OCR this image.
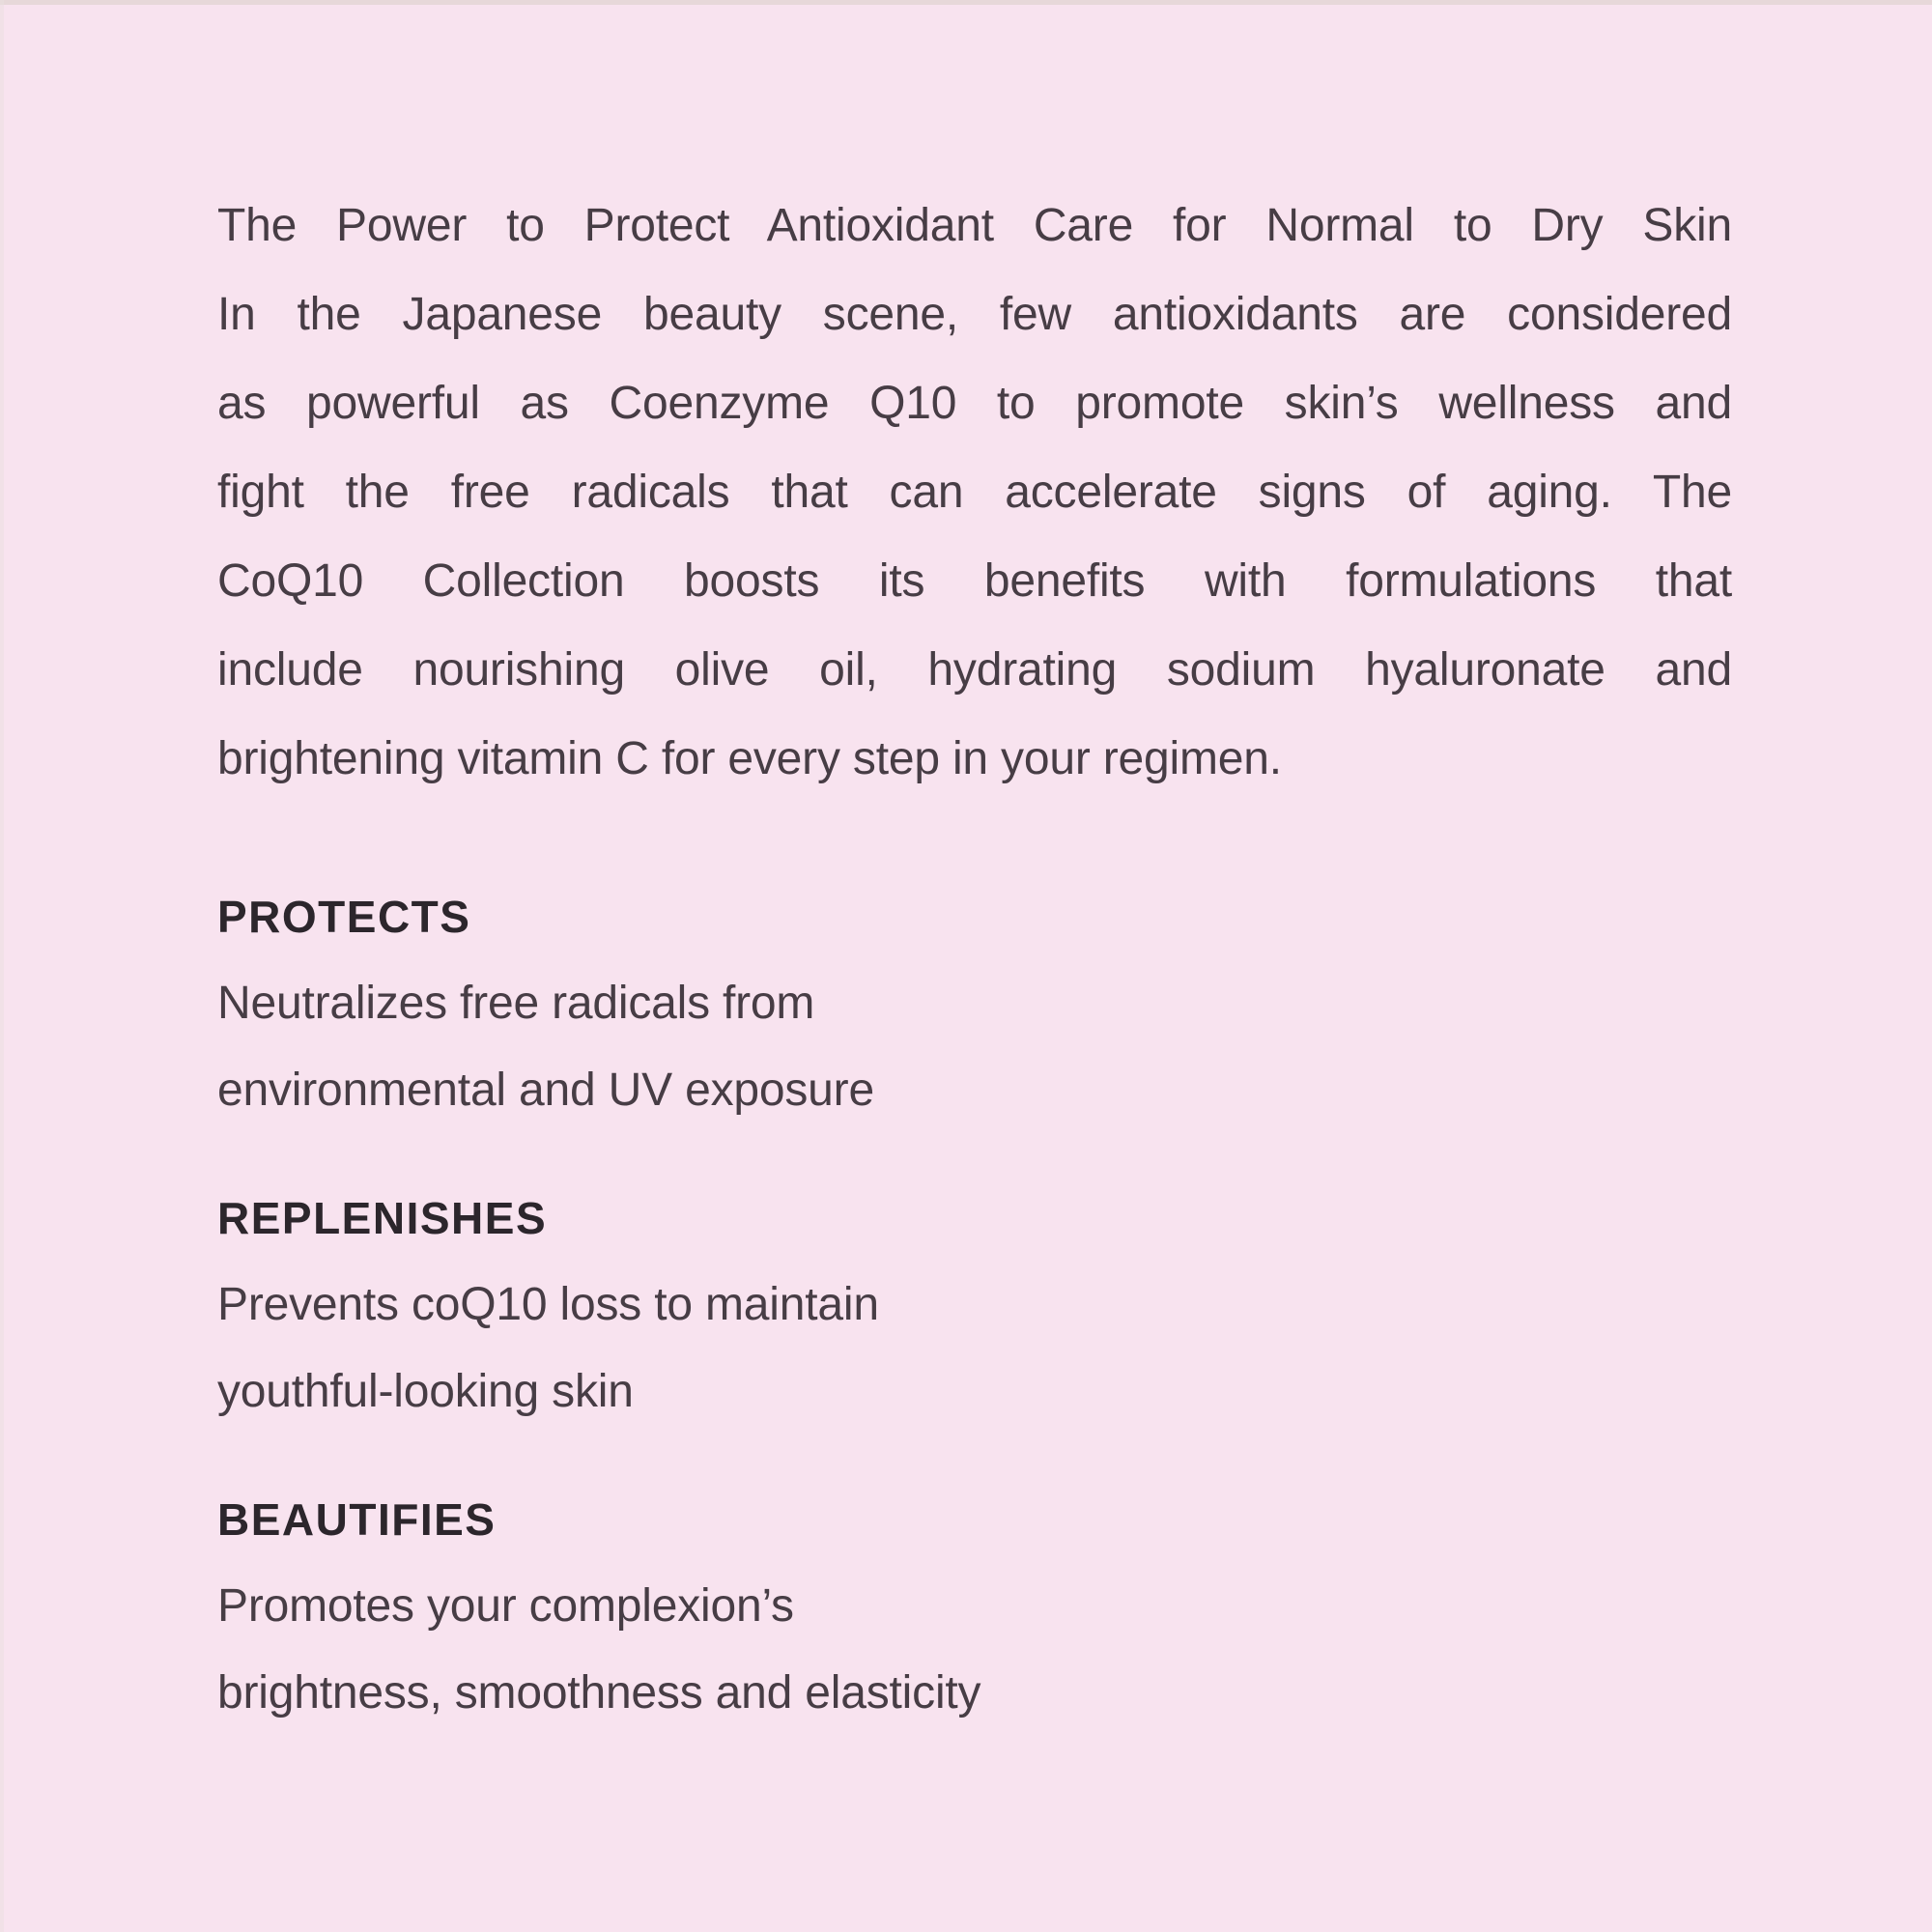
The Power to Protect Antioxidant Care for Normal to Dry Skin
In the Japanese beauty scene, few antioxidants are considered
as powerful as Coenzyme Q10 to promote skin’s wellness and
fight the free radicals that can accelerate signs of aging. The
CoQ10 Collection boosts its benefits with formulations that
include nourishing olive oil, hydrating sodium hyaluronate and
brightening vitamin C for every step in your regimen.
PROTECTS
Neutralizes free radicals from
environmental and UV exposure
REPLENISHES
Prevents coQ10 loss to maintain
youthful-looking skin
BEAUTIFIES
Promotes your complexion’s
brightness, smoothness and elasticity
